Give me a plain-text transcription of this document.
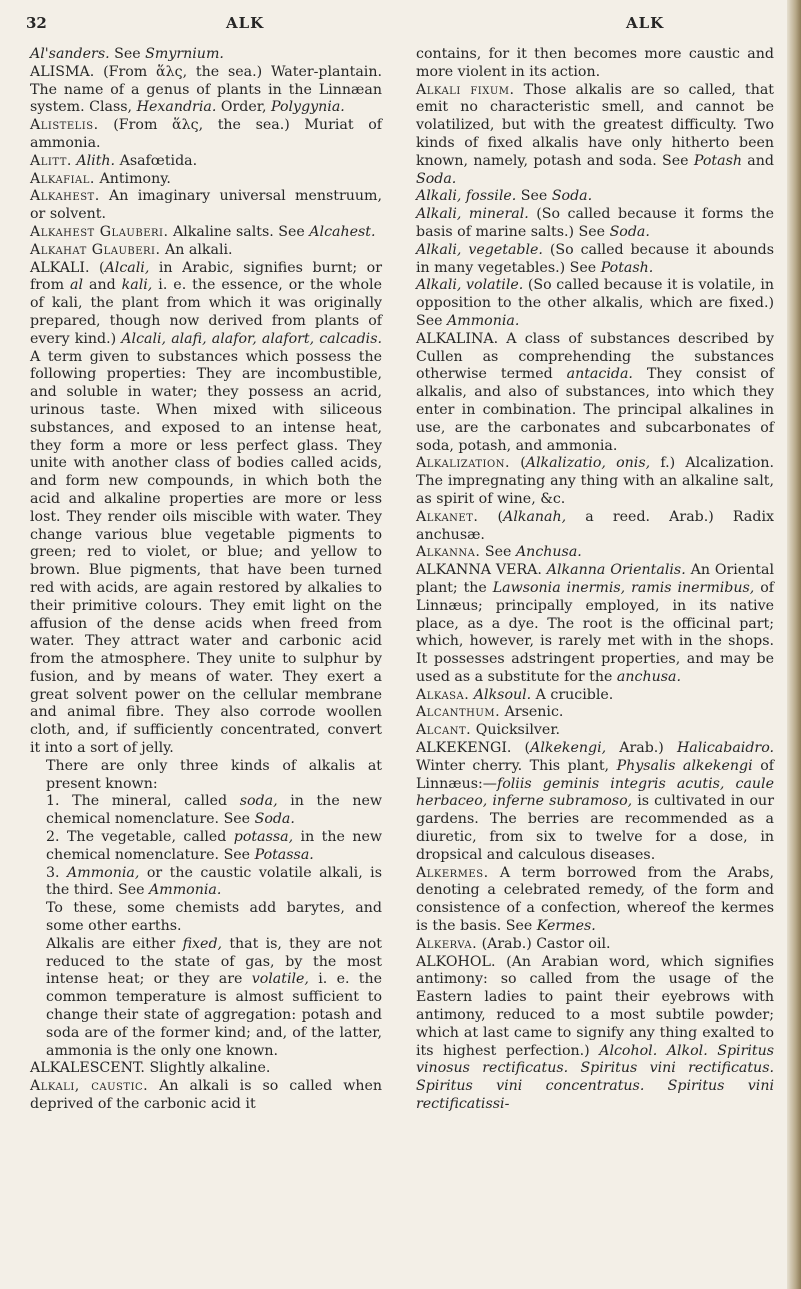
32	ALK	ALK

Al'sanders. See Smyrnium.

ALISMA. (From ἅλς, the sea.) Water-plantain. The name of a genus of plants in the Linnæan system. Class, Hexandria. Order, Polygynia.

Alistelis. (From ἅλς, the sea.) Muriat of ammonia.

Alitt. Alith. Asafœtida.

Alkafial. Antimony.

Alkahest. An imaginary universal menstruum, or solvent.

Alkahest Glauberi. Alkaline salts. See Alcahest.

Alkahat Glauberi. An alkali.

ALKALI. (Alcali, in Arabic, signifies burnt; or from al and kali, i. e. the essence, or the whole of kali, the plant from which it was originally prepared, though now derived from plants of every kind.) Alcali, alafi, alafor, alafort, calcadis. A term given to substances which possess the following properties: They are incombustible, and soluble in water; they possess an acrid, urinous taste. When mixed with siliceous substances, and exposed to an intense heat, they form a more or less perfect glass. They unite with another class of bodies called acids, and form new compounds, in which both the acid and alkaline properties are more or less lost. They render oils miscible with water. They change various blue vegetable pigments to green; red to violet, or blue; and yellow to brown. Blue pigments, that have been turned red with acids, are again restored by alkalies to their primitive colours. They emit light on the affusion of the dense acids when freed from water. They attract water and carbonic acid from the atmosphere. They unite to sulphur by fusion, and by means of water. They exert a great solvent power on the cellular membrane and animal fibre. They also corrode woollen cloth, and, if sufficiently concentrated, convert it into a sort of jelly.

There are only three kinds of alkalis at present known:

1. The mineral, called soda, in the new chemical nomenclature. See Soda.

2. The vegetable, called potassa, in the new chemical nomenclature. See Potassa.

3. Ammonia, or the caustic volatile alkali, is the third. See Ammonia.

To these, some chemists add barytes, and some other earths.

Alkalis are either fixed, that is, they are not reduced to the state of gas, by the most intense heat; or they are volatile, i. e. the common temperature is almost sufficient to change their state of aggregation: potash and soda are of the former kind; and, of the latter, ammonia is the only one known.

ALKALESCENT. Slightly alkaline.

Alkali, caustic. An alkali is so called when deprived of the carbonic acid it

contains, for it then becomes more caustic and more violent in its action.

Alkali fixum. Those alkalis are so called, that emit no characteristic smell, and cannot be volatilized, but with the greatest difficulty. Two kinds of fixed alkalis have only hitherto been known, namely, potash and soda. See Potash and Soda.

Alkali, fossile. See Soda.

Alkali, mineral. (So called because it forms the basis of marine salts.) See Soda.

Alkali, vegetable. (So called because it abounds in many vegetables.) See Potash.

Alkali, volatile. (So called because it is volatile, in opposition to the other alkalis, which are fixed.) See Ammonia.

ALKALINA. A class of substances described by Cullen as comprehending the substances otherwise termed antacida. They consist of alkalis, and also of substances, into which they enter in combination. The principal alkalines in use, are the carbonates and subcarbonates of soda, potash, and ammonia.

Alkalization. (Alkalizatio, onis, f.) Alcalization. The impregnating any thing with an alkaline salt, as spirit of wine, &c.

Alkanet. (Alkanah, a reed. Arab.) Radix anchusæ.

Alkanna. See Anchusa.

ALKANNA VERA. Alkanna Orientalis. An Oriental plant; the Lawsonia inermis, ramis inermibus, of Linnæus; principally employed, in its native place, as a dye. The root is the officinal part; which, however, is rarely met with in the shops. It possesses adstringent properties, and may be used as a substitute for the anchusa.

Alkasa. Alksoul. A crucible.

Alcanthum. Arsenic.

Alcant. Quicksilver.

ALKEKENGI. (Alkekengi, Arab.) Halicabaidro. Winter cherry. This plant, Physalis alkekengi of Linnæus:—foliis geminis integris acutis, caule herbaceo, inferne subramoso, is cultivated in our gardens. The berries are recommended as a diuretic, from six to twelve for a dose, in dropsical and calculous diseases.

Alkermes. A term borrowed from the Arabs, denoting a celebrated remedy, of the form and consistence of a confection, whereof the kermes is the basis. See Kermes.

Alkerva. (Arab.) Castor oil.

ALKOHOL. (An Arabian word, which signifies antimony: so called from the usage of the Eastern ladies to paint their eyebrows with antimony, reduced to a most subtile powder; which at last came to signify any thing exalted to its highest perfection.) Alcohol. Alkol. Spiritus vinosus rectificatus. Spiritus vini rectificatus. Spiritus vini concentratus. Spiritus vini rectificatissi-
